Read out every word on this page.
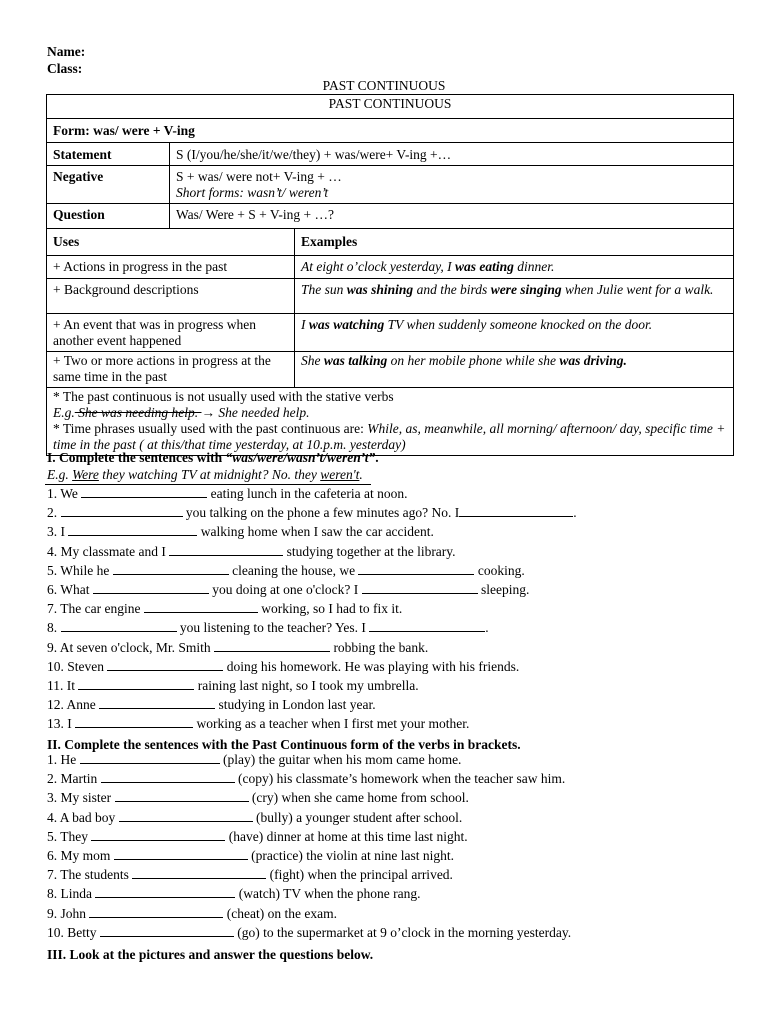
Name:
Class:
PAST CONTINUOUS
PAST CONTINUOUS		
Form: was/ were + V-ing		
Statement	S (I/you/he/she/it/we/they) + was/were+ V-ing +…	
Negative	S + was/ were not+ V-ing + …
Short forms: wasn’t/ weren’t	

Question	Was/ Were + S + V-ing + …?	
Uses		Examples
+ Actions in progress in the past		At eight o’clock yesterday, I was eating dinner.
+ Background descriptions		The sun was shining and the birds were singing when Julie went for a walk.
+ An event that was in progress when another event happened		I was watching TV when suddenly someone knocked on the door.
+ Two or more actions in progress at the same time in the past		She was talking on her mobile phone while she was driving.

* The past continuous is not usually used with the stative verbs
E.g. She was needing help. → She needed help.
* Time phrases usually used with the past continuous are: While, as, meanwhile, all morning/ afternoon/ day, specific time + time in the past ( at this/that time yesterday, at 10.p.m. yesterday)		
I. Complete the sentences with “was/were/wasn’t/weren’t”.
E.g. Were they watching TV at midnight? No. they weren't.
1. We	eating lunch in the cafeteria at noon.
2.	you talking on the phone a few minutes ago? No. I	.
3. I	walking home when I saw the car accident.
4. My classmate and I	studying together at the library.
5. While he	cleaning the house, we	cooking.
6. What	you doing at one o'clock? I	sleeping.
7. The car engine	working, so I had to fix it.
8.	you listening to the teacher? Yes. I	.
9. At seven o'clock, Mr. Smith	robbing the bank.
10. Steven	doing his homework. He was playing with his friends.
11. It	raining last night, so I took my umbrella.
12. Anne	studying in London last year.
13. I	working as a teacher when I first met your mother.
II. Complete the sentences with the Past Continuous form of the verbs in brackets.
1. He	(play) the guitar when his mom came home.
2. Martin	(copy) his classmate’s homework when the teacher saw him.
3. My sister	(cry) when she came home from school.
4. A bad boy	(bully) a younger student after school.
5. They	(have) dinner at home at this time last night.
6. My mom	(practice) the violin at nine last night.
7. The students	(fight) when the principal arrived.
8. Linda	(watch) TV when the phone rang.
9. John	(cheat) on the exam.
10. Betty	(go) to the supermarket at 9 o’clock in the morning yesterday.
III. Look at the pictures and answer the questions below.
